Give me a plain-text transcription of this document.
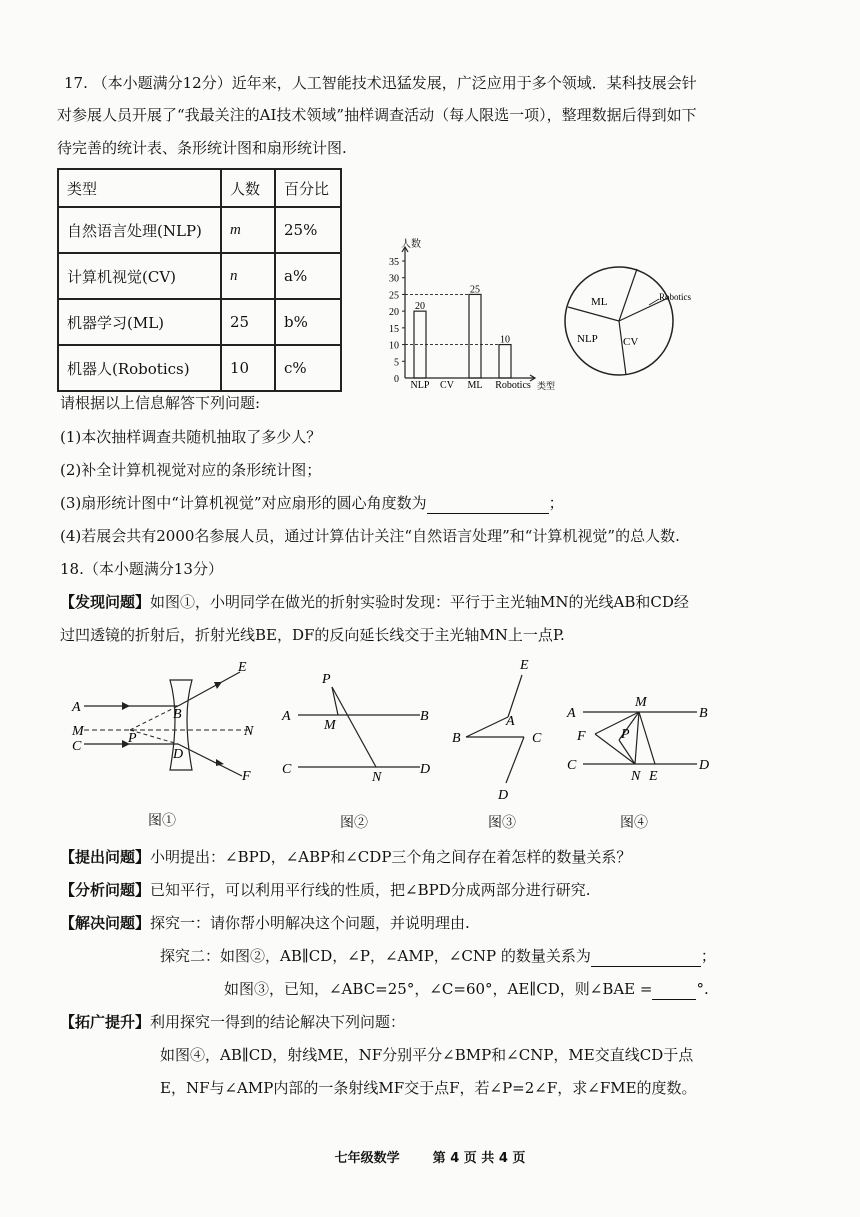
17. （本小题满分12分）近年来，人工智能技术迅猛发展，广泛应用于多个领域．某科技展会针
对参展人员开展了“我最关注的AI技术领域”抽样调查活动（每人限选一项），整理数据后得到如下
待完善的统计表、条形统计图和扇形统计图.
类型	人数	百分比
自然语言处理(NLP)	m	25%
计算机视觉(CV)	n	a%
机器学习(ML)	25	b%
机器人(Robotics)	10	c%
人数
类型
0
5
10
15
20
25
30
35
20
NLP CV
25
ML
10
Robotics
ML
NLP CV
Robotics
请根据以上信息解答下列问题:
(1)本次抽样调查共随机抽取了多少人？
(2)补全计算机视觉对应的条形统计图；
(3)扇形统计图中“计算机视觉”对应扇形的圆心角度数为	；
(4)若展会共有2000名参展人员，通过计算估计关注“自然语言处理”和“计算机视觉”的总人数.
18.（本小题满分13分）
【发现问题】如图①，小明同学在做光的折射实验时发现：平行于主光轴MN的光线AB和CD经
过凹透镜的折射后，折射光线BE，DF的反向延长线交于主光轴MN上一点P.
E
A	B
M	P	N
C
D
F
P
A
M
B
C
N
D
E
A
B	C
D
A
M
B
F	P
C
N E
D
图①	图②	图③	图④
【提出问题】小明提出：∠BPD，∠ABP和∠CDP三个角之间存在着怎样的数量关系？
【分析问题】已知平行，可以利用平行线的性质，把∠BPD分成两部分进行研究.
【解决问题】探究一：请你帮小明解决这个问题，并说明理由.
探究二：如图②，AB∥CD，∠P，∠AMP，∠CNP 的数量关系为	；
如图③，已知，∠ABC=25°，∠C=60°，AE∥CD，则∠BAE =	°.
【拓广提升】利用探究一得到的结论解决下列问题：
如图④，AB∥CD，射线ME，NF分别平分∠BMP和∠CNP，ME交直线CD于点
E，NF与∠AMP内部的一条射线MF交于点F，若∠P=2∠F，求∠FME的度数。
七年级数学	第 4 页 共 4 页
